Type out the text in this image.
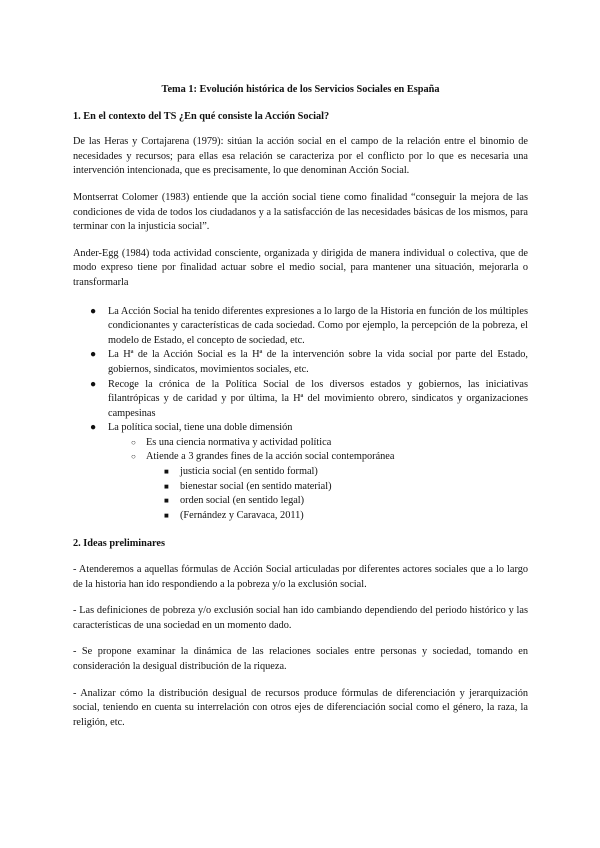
Tema 1: Evolución histórica de los Servicios Sociales en España
1. En el contexto del TS ¿En qué consiste la Acción Social?

De las Heras y Cortajarena (1979): sitúan la acción social en el campo de la relación entre el binomio de necesidades y recursos; para ellas esa relación se caracteriza por el conflicto por lo que es necesaria una intervención intencionada, que es precisamente, lo que denominan Acción Social.

Montserrat Colomer (1983) entiende que la acción social tiene como finalidad “conseguir la mejora de las condiciones de vida de todos los ciudadanos y a la satisfacción de las necesidades básicas de los mismos, para terminar con la injusticia social”.

Ander-Egg (1984) toda actividad consciente, organizada y dirigida de manera individual o colectiva, que de modo expreso tiene por finalidad actuar sobre el medio social, para mantener una situación, mejorarla o transformarla

● La Acción Social ha tenido diferentes expresiones a lo largo de la Historia en función de los múltiples condicionantes y características de cada sociedad. Como por ejemplo, la percepción de la pobreza, el modelo de Estado, el concepto de sociedad, etc.
● La Hª de la Acción Social es la Hª de la intervención sobre la vida social por parte del Estado, gobiernos, sindicatos, movimientos sociales, etc.
● Recoge la crónica de la Política Social de los diversos estados y gobiernos, las iniciativas filantrópicas y de caridad y por última, la Hª del movimiento obrero, sindicatos y organizaciones campesinas
● La política social, tiene una doble dimensión
○ Es una ciencia normativa y actividad política
○ Atiende a 3 grandes fines de la acción social contemporánea
■ justicia social (en sentido formal)
■ bienestar social (en sentido material)
■ orden social (en sentido legal)
■ (Fernández y Caravaca, 2011)
2. Ideas preliminares

- Atenderemos a aquellas fórmulas de Acción Social articuladas por diferentes actores sociales que a lo largo de la historia han ido respondiendo a la pobreza y/o la exclusión social.

- Las definiciones de pobreza y/o exclusión social han ido cambiando dependiendo del periodo histórico y las características de una sociedad en un momento dado.

- Se propone examinar la dinámica de las relaciones sociales entre personas y sociedad, tomando en consideración la desigual distribución de la riqueza.

- Analizar cómo la distribución desigual de recursos produce fórmulas de diferenciación y jerarquización social, teniendo en cuenta su interrelación con otros ejes de diferenciación social como el género, la raza, la religión, etc.
